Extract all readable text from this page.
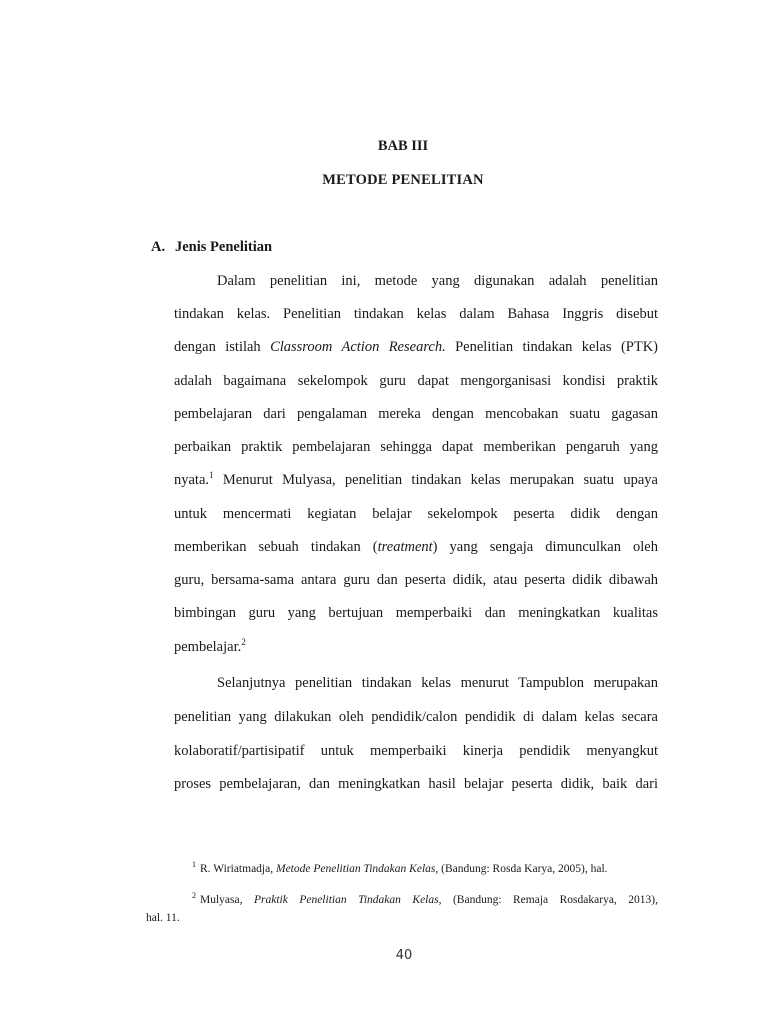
BAB III
METODE PENELITIAN
A. Jenis Penelitian
Dalam penelitian ini, metode yang digunakan adalah penelitian
tindakan kelas. Penelitian tindakan kelas dalam Bahasa Inggris disebut
dengan istilah Classroom Action Research. Penelitian tindakan kelas (PTK)
adalah bagaimana sekelompok guru dapat mengorganisasi kondisi praktik
pembelajaran dari pengalaman mereka dengan mencobakan suatu gagasan
perbaikan praktik pembelajaran sehingga dapat memberikan pengaruh yang
nyata.$^1$ Menurut Mulyasa, penelitian tindakan kelas merupakan suatu upaya
untuk mencermati kegiatan belajar sekelompok peserta didik dengan
memberikan sebuah tindakan (treatment) yang sengaja dimunculkan oleh
guru, bersama-sama antara guru dan peserta didik, atau peserta didik dibawah
bimbingan guru yang bertujuan memperbaiki dan meningkatkan kualitas
pembelajar.$^2$
Selanjutnya penelitian tindakan kelas menurut Tampublon merupakan
penelitian yang dilakukan oleh pendidik/calon pendidik di dalam kelas secara
kolaboratif/partisipatif untuk memperbaiki kinerja pendidik menyangkut
proses pembelajaran, dan meningkatkan hasil belajar peserta didik, baik dari
$^1$ R. Wiriatmadja, Metode Penelitian Tindakan Kelas, (Bandung: Rosda Karya, 2005), hal.
$^2$ Mulyasa, Praktik Penelitian Tindakan Kelas, (Bandung: Remaja Rosdakarya, 2013),
hal. 11.
40
